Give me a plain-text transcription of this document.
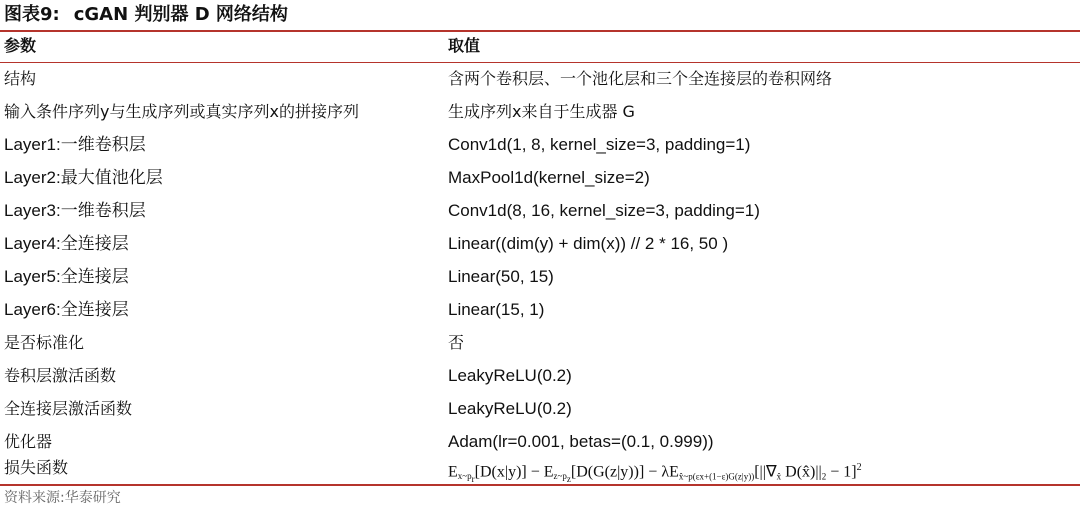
图表9: cGAN 判别器 D 网络结构
参数	取值
结构	含两个卷积层、一个池化层和三个全连接层的卷积网络
输入条件序列y与生成序列或真实序列x的拼接序列	生成序列x来自于生成器 G
Layer1:一维卷积层	Conv1d(1, 8, kernel_size=3, padding=1)
Layer2:最大值池化层	MaxPool1d(kernel_size=2)
Layer3:一维卷积层	Conv1d(8, 16, kernel_size=3, padding=1)
Layer4:全连接层	Linear((dim(y) + dim(x)) // 2 * 16, 50 )
Layer5:全连接层	Linear(50, 15)
Layer6:全连接层	Linear(15, 1)
是否标准化	否
卷积层激活函数	LeakyReLU(0.2)
全连接层激活函数	LeakyReLU(0.2)
优化器	Adam(lr=0.001, betas=(0.1, 0.999))
损失函数	$E_{x\sim p_r}[D(x|y)] - E_{z\sim p_z}[D(G(z|y))] - \lambda E_{x̂\sim p(\varepsilon x+(1-\varepsilon)G(z|y))}[||\nabla_{x̂}$ $D(x̂)||_2 - 1]^2$
资料来源:华泰研究
